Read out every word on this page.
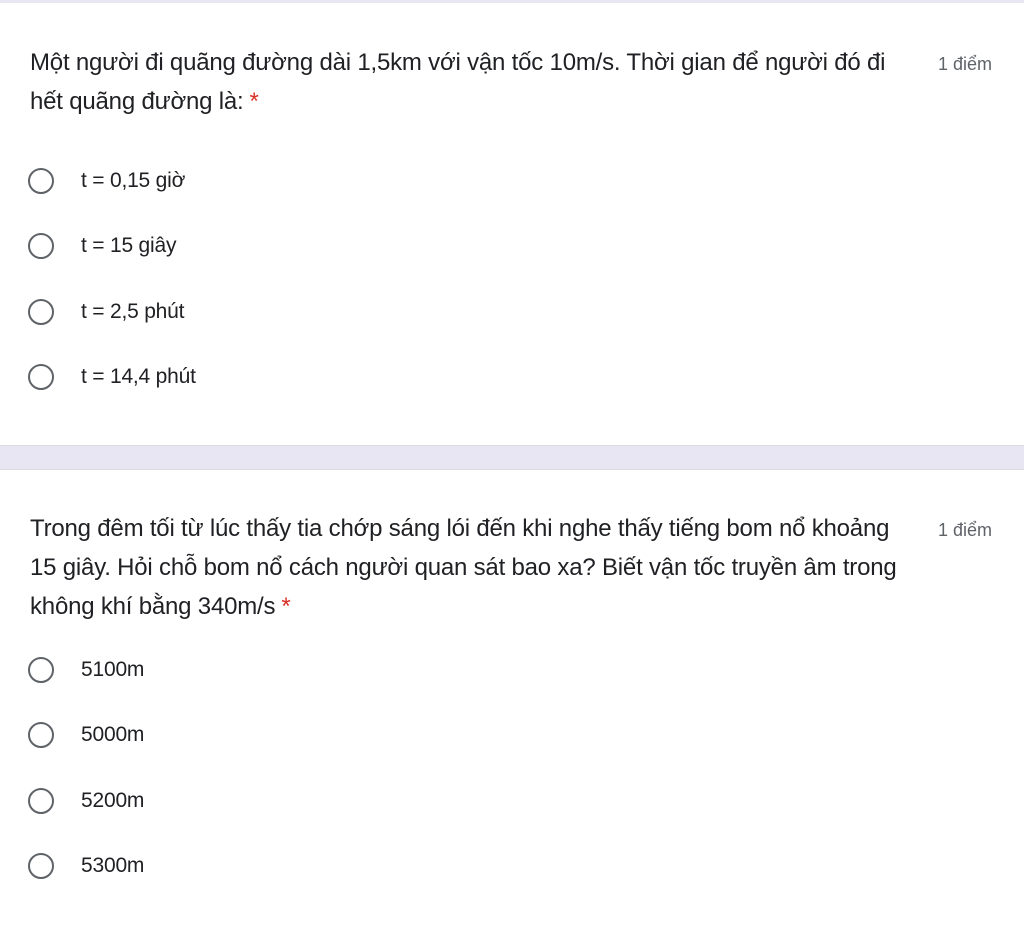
Một người đi quãng đường dài 1,5km với vận tốc 10m/s. Thời gian để người đó đi hết quãng đường là: *
1 điểm
t = 0,15 giờ
t = 15 giây
t = 2,5 phút
t = 14,4 phút
Trong đêm tối từ lúc thấy tia chớp sáng lói đến khi nghe thấy tiếng bom nổ khoảng 15 giây. Hỏi chỗ bom nổ cách người quan sát bao xa? Biết vận tốc truyền âm trong không khí bằng 340m/s *
1 điểm
5100m
5000m
5200m
5300m
